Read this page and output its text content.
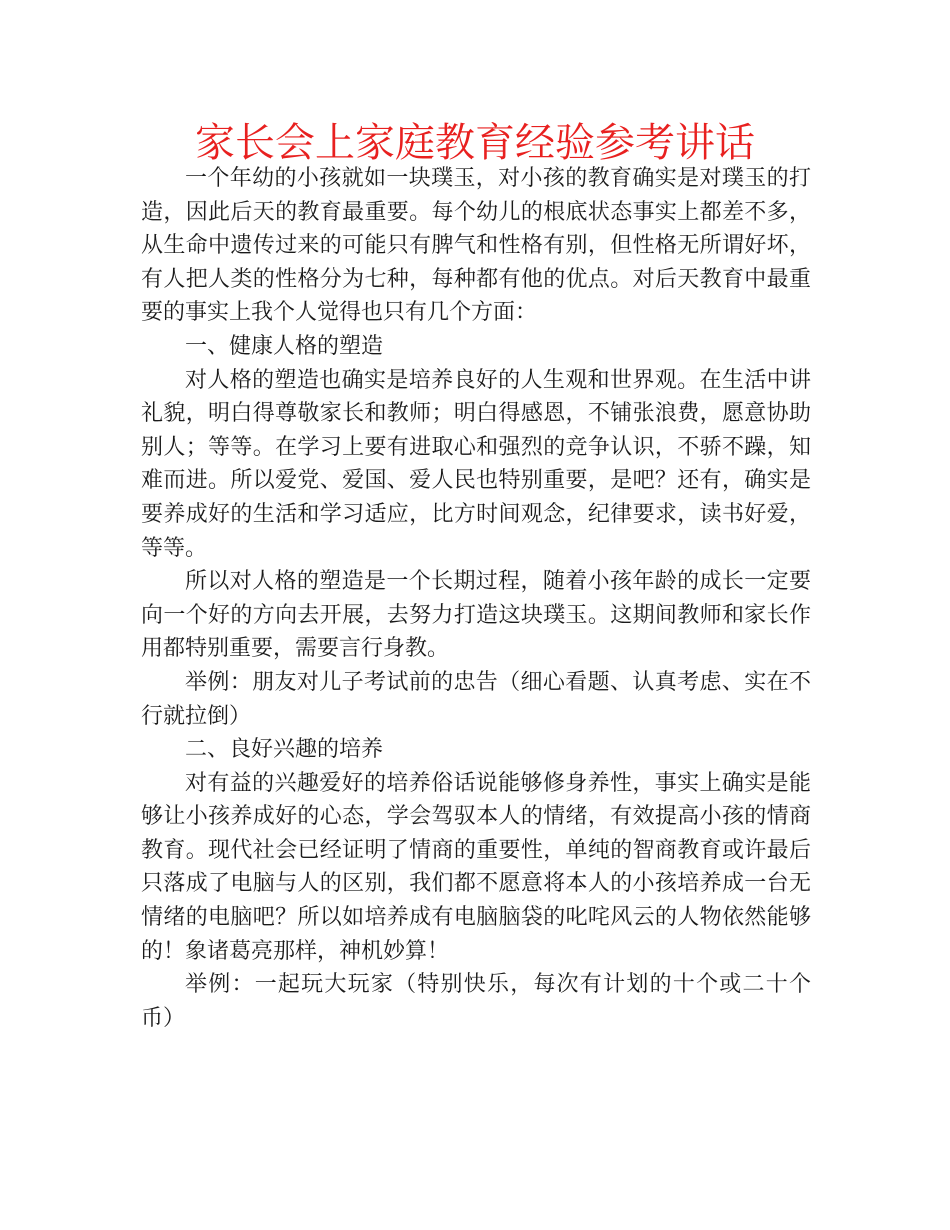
家长会上家庭教育经验参考讲话

一个年幼的小孩就如一块璞玉，对小孩的教育确实是对璞玉的打造，因此后天的教育最重要。每个幼儿的根底状态事实上都差不多，从生命中遗传过来的可能只有脾气和性格有别，但性格无所谓好坏，有人把人类的性格分为七种，每种都有他的优点。对后天教育中最重要的事实上我个人觉得也只有几个方面：

一、健康人格的塑造

对人格的塑造也确实是培养良好的人生观和世界观。在生活中讲礼貌，明白得尊敬家长和教师；明白得感恩，不铺张浪费，愿意协助别人；等等。在学习上要有进取心和强烈的竞争认识，不骄不躁，知难而进。所以爱党、爱国、爱人民也特别重要，是吧？还有，确实是要养成好的生活和学习适应，比方时间观念，纪律要求，读书好爱，等等。

所以对人格的塑造是一个长期过程，随着小孩年龄的成长一定要向一个好的方向去开展，去努力打造这块璞玉。这期间教师和家长作用都特别重要，需要言行身教。

举例：朋友对儿子考试前的忠告（细心看题、认真考虑、实在不行就拉倒）

二、良好兴趣的培养

对有益的兴趣爱好的培养俗话说能够修身养性，事实上确实是能够让小孩养成好的心态，学会驾驭本人的情绪，有效提高小孩的情商教育。现代社会已经证明了情商的重要性，单纯的智商教育或许最后只落成了电脑与人的区别，我们都不愿意将本人的小孩培养成一台无情绪的电脑吧？所以如培养成有电脑脑袋的叱咤风云的人物依然能够的！象诸葛亮那样，神机妙算！

举例：一起玩大玩家（特别快乐，每次有计划的十个或二十个币）
